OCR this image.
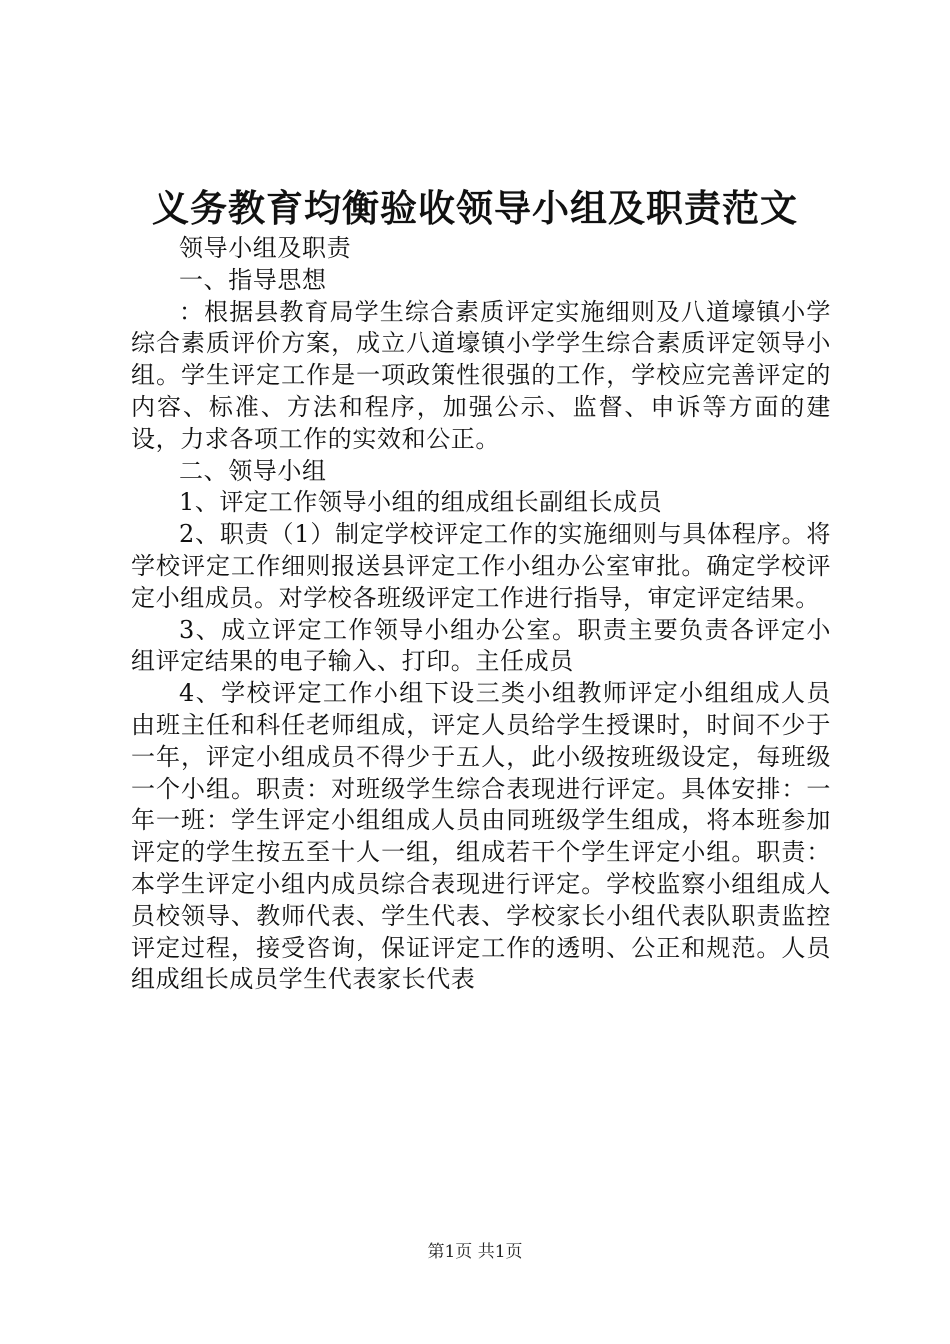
义务教育均衡验收领导小组及职责范文

领导小组及职责

一、指导思想

：根据县教育局学生综合素质评定实施细则及八道壕镇小学综合素质评价方案，成立八道壕镇小学学生综合素质评定领导小组。学生评定工作是一项政策性很强的工作，学校应完善评定的内容、标准、方法和程序，加强公示、监督、申诉等方面的建设，力求各项工作的实效和公正。

二、领导小组

1、评定工作领导小组的组成组长副组长成员

2、职责（1）制定学校评定工作的实施细则与具体程序。将学校评定工作细则报送县评定工作小组办公室审批。确定学校评定小组成员。对学校各班级评定工作进行指导，审定评定结果。

3、成立评定工作领导小组办公室。职责主要负责各评定小组评定结果的电子输入、打印。主任成员

4、学校评定工作小组下设三类小组教师评定小组组成人员由班主任和科任老师组成，评定人员给学生授课时，时间不少于一年，评定小组成员不得少于五人，此小级按班级设定，每班级一个小组。职责：对班级学生综合表现进行评定。具体安排：一年一班：学生评定小组组成人员由同班级学生组成，将本班参加评定的学生按五至十人一组，组成若干个学生评定小组。职责：本学生评定小组内成员综合表现进行评定。学校监察小组组成人员校领导、教师代表、学生代表、学校家长小组代表队职责监控评定过程，接受咨询，保证评定工作的透明、公正和规范。人员组成组长成员学生代表家长代表

第1页 共1页
